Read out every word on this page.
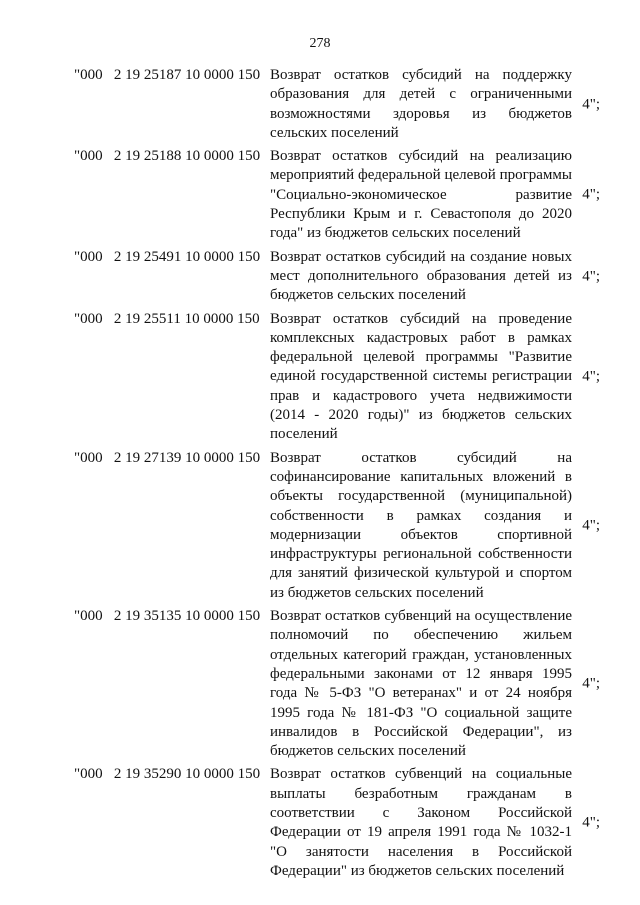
278
"000   2 19 25187 10 0000 150 Возврат остатков субсидий на поддержку образования для детей с ограниченными возможностями здоровья из бюджетов сельских поселений
4";
"000   2 19 25188 10 0000 150 Возврат остатков субсидий на реализацию мероприятий федеральной целевой программы "Социально-экономическое развитие Республики Крым и г. Севастополя до 2020 года" из бюджетов сельских поселений
4";
"000   2 19 25491 10 0000 150 Возврат остатков субсидий на создание новых мест дополнительного образования детей из бюджетов сельских поселений
4";
"000   2 19 25511 10 0000 150 Возврат остатков субсидий на проведение комплексных кадастровых работ в рамках федеральной целевой программы "Развитие единой государственной системы регистрации прав и кадастрового учета недвижимости (2014 - 2020 годы)" из бюджетов сельских поселений
4";
"000   2 19 27139 10 0000 150 Возврат остатков субсидий на софинансирование капитальных вложений в объекты государственной (муниципальной) собственности в рамках создания и модернизации объектов спортивной инфраструктуры региональной собственности для занятий физической культурой и спортом из бюджетов сельских поселений
4";
"000   2 19 35135 10 0000 150 Возврат остатков субвенций на осуществление полномочий по обеспечению жильем отдельных категорий граждан, установленных федеральными законами от 12 января 1995 года № 5-ФЗ "О ветеранах" и от 24 ноября 1995 года № 181-ФЗ "О социальной защите инвалидов в Российской Федерации", из бюджетов сельских поселений
4";
"000   2 19 35290 10 0000 150 Возврат остатков субвенций на социальные выплаты безработным гражданам в соответствии с Законом Российской Федерации от 19 апреля 1991 года № 1032-1 "О занятости населения в Российской Федерации" из бюджетов сельских поселений
4";
